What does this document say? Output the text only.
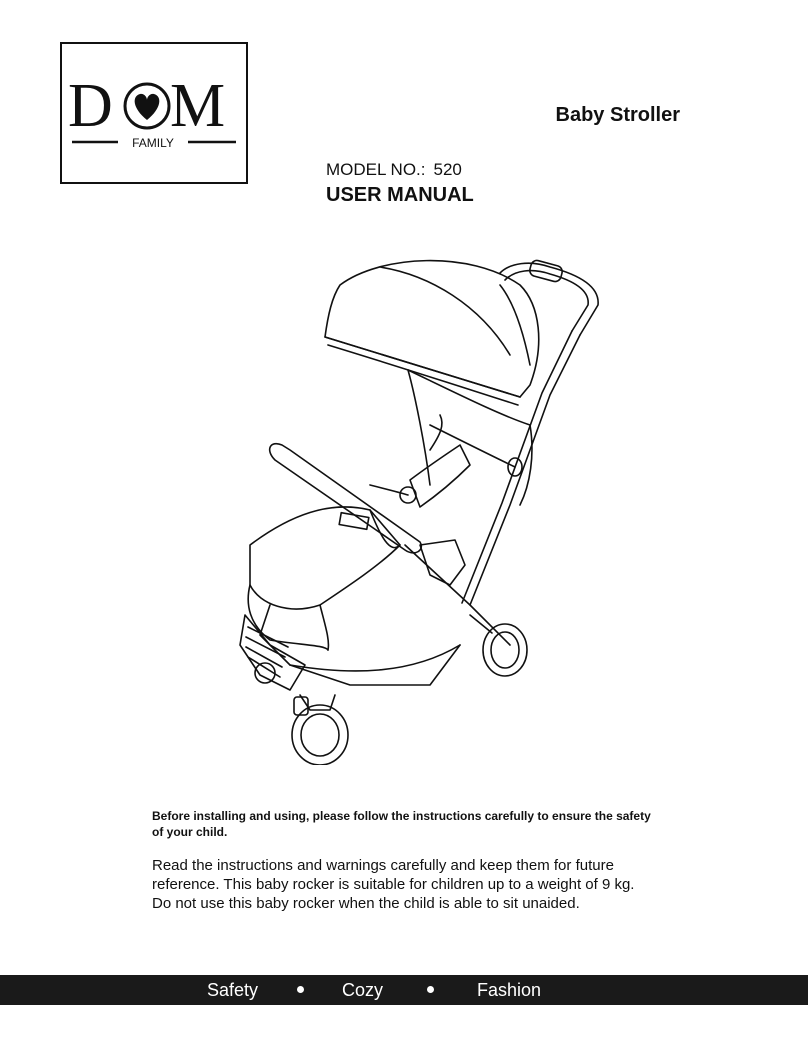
D M
FAMILY
Baby Stroller
MODEL NO.: 520
USER MANUAL
Before installing and using, please follow the instructions carefully to ensure the safety
of your child.
Read the instructions and warnings carefully and keep them for future
reference. This baby rocker is suitable for children up to a weight of 9 kg.
Do not use this baby rocker when the child is able to sit unaided.
Safety	Cozy	Fashion
